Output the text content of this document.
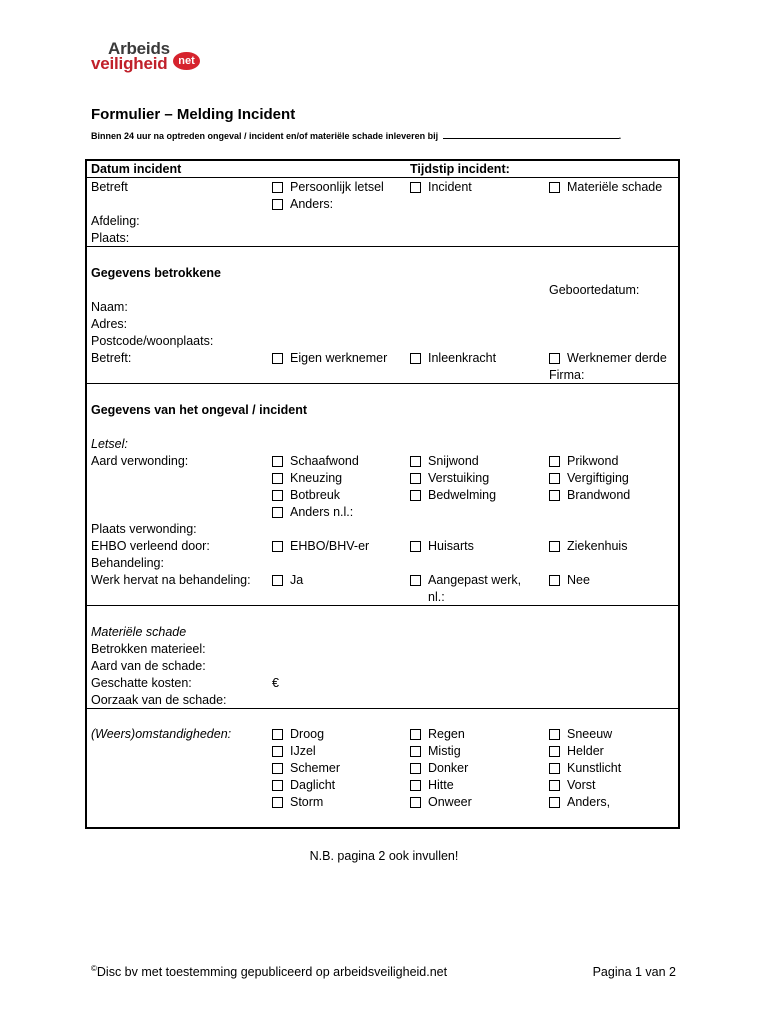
Arbeids
veiligheid net
Formulier – Melding Incident
Binnen 24 uur na optreden ongeval / incident en/of materiële schade inleveren bij	.
Datum incident	Tijdstip incident:
Betreft	Persoonlijk letsel	Incident	Materiële schade
Anders:
Afdeling:
Plaats:
Gegevens betrokkene
Geboortedatum:
Naam:
Adres:
Postcode/woonplaats:
Betreft:	Eigen werknemer	Inleenkracht	Werknemer derde
Firma:
Gegevens van het ongeval / incident
Letsel:
Aard verwonding:	Schaafwond	Snijwond	Prikwond
Kneuzing	Verstuiking	Vergiftiging
Botbreuk	Bedwelming	Brandwond
Anders n.l.:
Plaats verwonding:
EHBO verleend door:	EHBO/BHV-er	Huisarts	Ziekenhuis
Behandeling:
Werk hervat na behandeling:	Ja	Aangepast werk,	Nee
nl.:
Materiële schade
Betrokken materieel:
Aard van de schade:
Geschatte kosten:	€
Oorzaak van de schade:
(Weers)omstandigheden:	Droog	Regen	Sneeuw
IJzel	Mistig	Helder
Schemer	Donker	Kunstlicht
Daglicht	Hitte	Vorst
Storm	Onweer	Anders,
N.B. pagina 2 ook invullen!
©Disc bv met toestemming gepubliceerd op arbeidsveiligheid.net	Pagina 1 van 2
